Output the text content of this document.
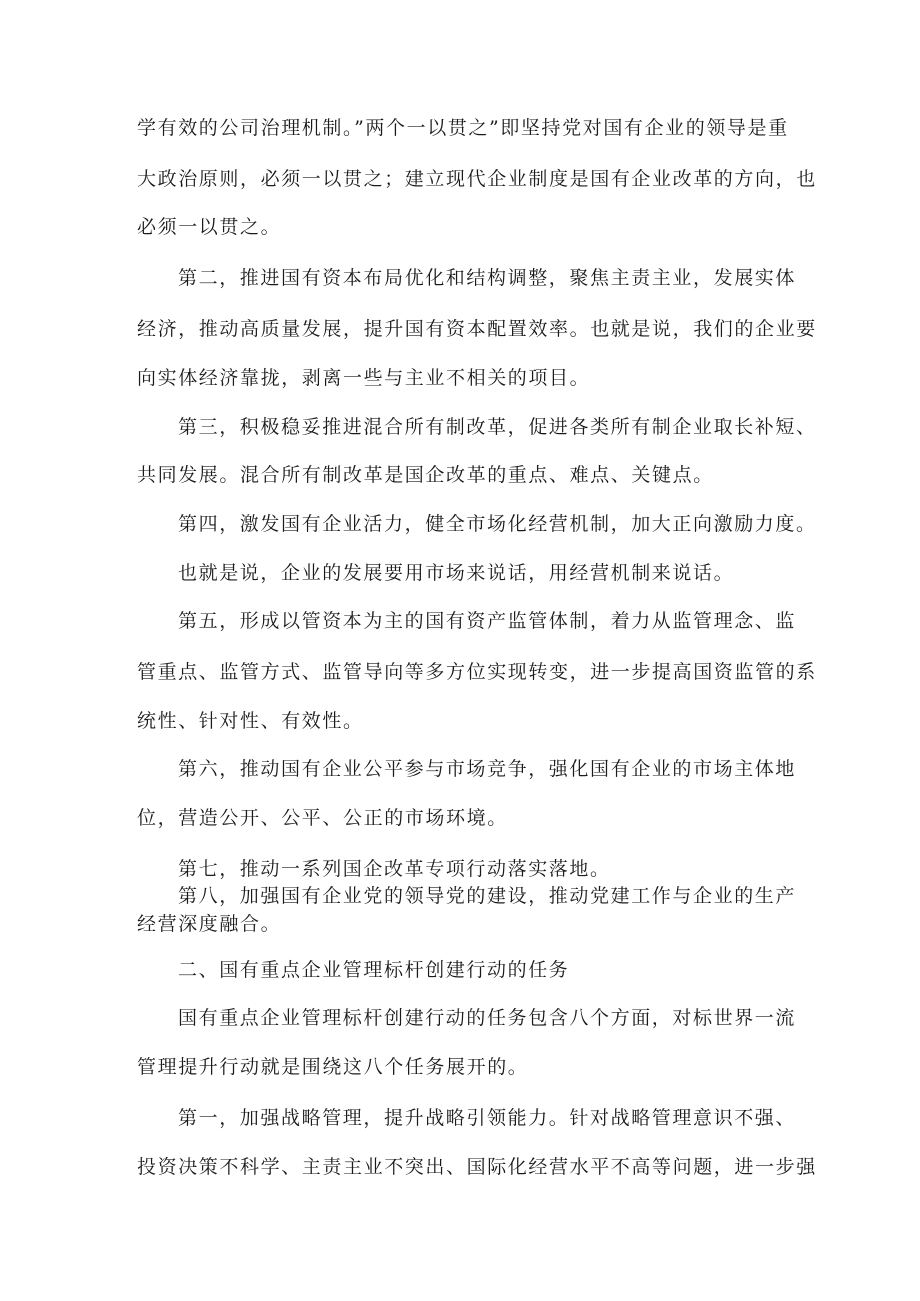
学有效的公司治理机制。”两个一以贯之”即坚持党对国有企业的领导是重
大政治原则，必须一以贯之；建立现代企业制度是国有企业改革的方向，也
必须一以贯之。
第二，推进国有资本布局优化和结构调整，聚焦主责主业，发展实体
经济，推动高质量发展，提升国有资本配置效率。也就是说，我们的企业要
向实体经济靠拢，剥离一些与主业不相关的项目。
第三，积极稳妥推进混合所有制改革，促进各类所有制企业取长补短、
共同发展。混合所有制改革是国企改革的重点、难点、关键点。
第四，激发国有企业活力，健全市场化经营机制，加大正向激励力度。
也就是说，企业的发展要用市场来说话，用经营机制来说话。
第五，形成以管资本为主的国有资产监管体制，着力从监管理念、监
管重点、监管方式、监管导向等多方位实现转变，进一步提高国资监管的系
统性、针对性、有效性。
第六，推动国有企业公平参与市场竞争，强化国有企业的市场主体地
位，营造公开、公平、公正的市场环境。
第七，推动一系列国企改革专项行动落实落地。
第八，加强国有企业党的领导党的建设，推动党建工作与企业的生产
经营深度融合。
二、国有重点企业管理标杆创建行动的任务
国有重点企业管理标杆创建行动的任务包含八个方面，对标世界一流
管理提升行动就是围绕这八个任务展开的。
第一，加强战略管理，提升战略引领能力。针对战略管理意识不强、
投资决策不科学、主责主业不突出、国际化经营水平不高等问题，进一步强
